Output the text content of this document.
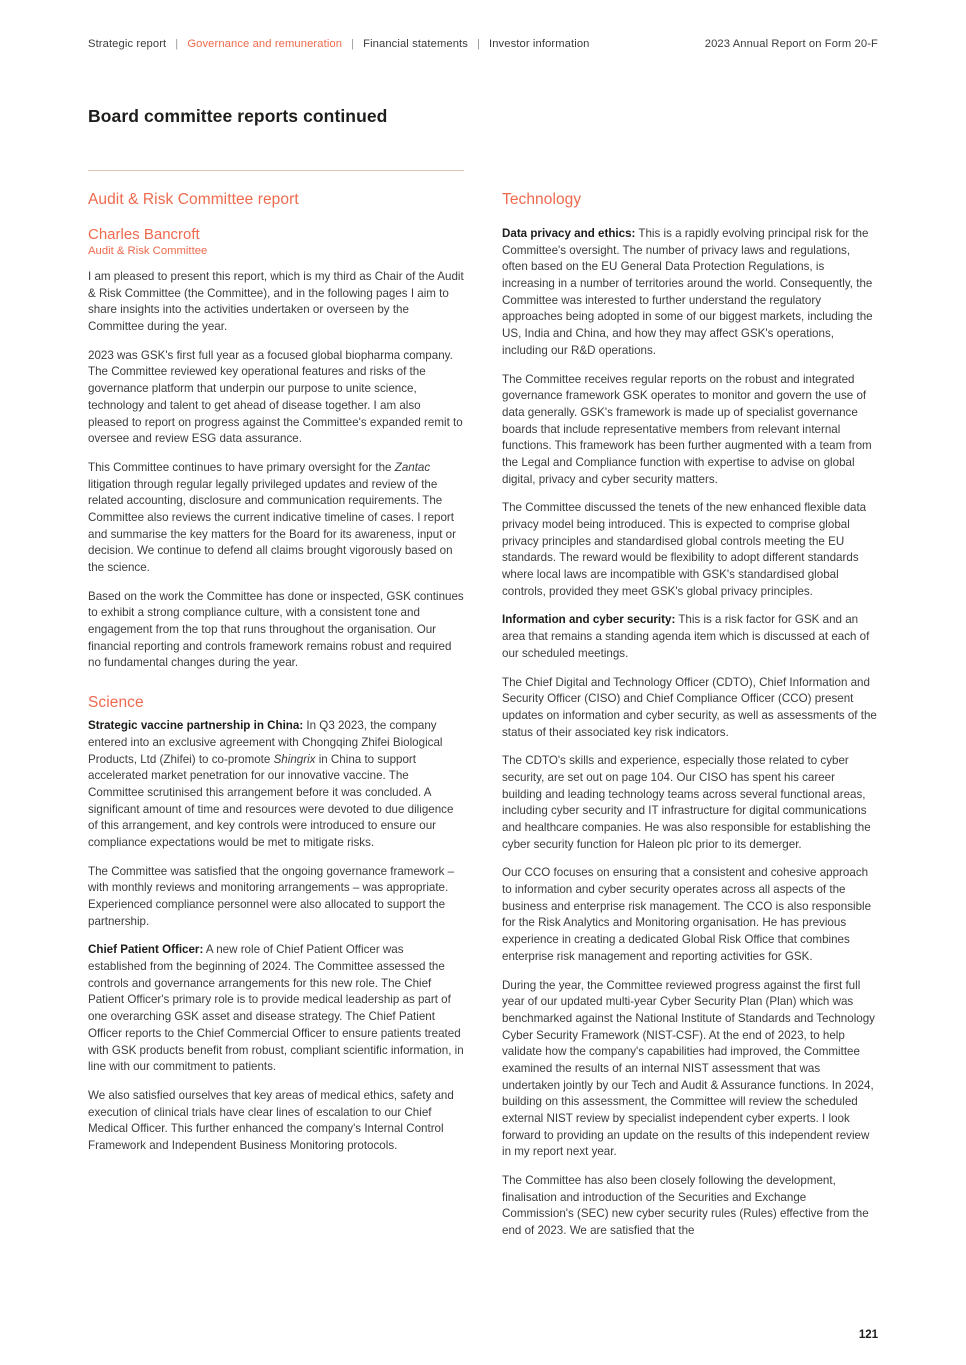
Strategic report | Governance and remuneration | Financial statements | Investor information	2023 Annual Report on Form 20-F
Board committee reports continued
Audit & Risk Committee report
Charles Bancroft
Audit & Risk Committee

I am pleased to present this report, which is my third as Chair of the Audit & Risk Committee (the Committee), and in the following pages I aim to share insights into the activities undertaken or overseen by the Committee during the year.

2023 was GSK's first full year as a focused global biopharma company. The Committee reviewed key operational features and risks of the governance platform that underpin our purpose to unite science, technology and talent to get ahead of disease together. I am also pleased to report on progress against the Committee's expanded remit to oversee and review ESG data assurance.

This Committee continues to have primary oversight for the Zantac litigation through regular legally privileged updates and review of the related accounting, disclosure and communication requirements. The Committee also reviews the current indicative timeline of cases. I report and summarise the key matters for the Board for its awareness, input or decision. We continue to defend all claims brought vigorously based on the science.

Based on the work the Committee has done or inspected, GSK continues to exhibit a strong compliance culture, with a consistent tone and engagement from the top that runs throughout the organisation. Our financial reporting and controls framework remains robust and required no fundamental changes during the year.

Science

Strategic vaccine partnership in China: In Q3 2023, the company entered into an exclusive agreement with Chongqing Zhifei Biological Products, Ltd (Zhifei) to co-promote Shingrix in China to support accelerated market penetration for our innovative vaccine. The Committee scrutinised this arrangement before it was concluded. A significant amount of time and resources were devoted to due diligence of this arrangement, and key controls were introduced to ensure our compliance expectations would be met to mitigate risks.

The Committee was satisfied that the ongoing governance framework – with monthly reviews and monitoring arrangements – was appropriate. Experienced compliance personnel were also allocated to support the partnership.

Chief Patient Officer: A new role of Chief Patient Officer was established from the beginning of 2024. The Committee assessed the controls and governance arrangements for this new role. The Chief Patient Officer's primary role is to provide medical leadership as part of one overarching GSK asset and disease strategy. The Chief Patient Officer reports to the Chief Commercial Officer to ensure patients treated with GSK products benefit from robust, compliant scientific information, in line with our commitment to patients.

We also satisfied ourselves that key areas of medical ethics, safety and execution of clinical trials have clear lines of escalation to our Chief Medical Officer. This further enhanced the company's Internal Control Framework and Independent Business Monitoring protocols.

Technology

Data privacy and ethics: This is a rapidly evolving principal risk for the Committee's oversight. The number of privacy laws and regulations, often based on the EU General Data Protection Regulations, is increasing in a number of territories around the world. Consequently, the Committee was interested to further understand the regulatory approaches being adopted in some of our biggest markets, including the US, India and China, and how they may affect GSK's operations, including our R&D operations.

The Committee receives regular reports on the robust and integrated governance framework GSK operates to monitor and govern the use of data generally. GSK's framework is made up of specialist governance boards that include representative members from relevant internal functions. This framework has been further augmented with a team from the Legal and Compliance function with expertise to advise on global digital, privacy and cyber security matters.

The Committee discussed the tenets of the new enhanced flexible data privacy model being introduced. This is expected to comprise global privacy principles and standardised global controls meeting the EU standards. The reward would be flexibility to adopt different standards where local laws are incompatible with GSK's standardised global controls, provided they meet GSK's global privacy principles.

Information and cyber security: This is a risk factor for GSK and an area that remains a standing agenda item which is discussed at each of our scheduled meetings.

The Chief Digital and Technology Officer (CDTO), Chief Information and Security Officer (CISO) and Chief Compliance Officer (CCO) present updates on information and cyber security, as well as assessments of the status of their associated key risk indicators.

The CDTO's skills and experience, especially those related to cyber security, are set out on page 104. Our CISO has spent his career building and leading technology teams across several functional areas, including cyber security and IT infrastructure for digital communications and healthcare companies. He was also responsible for establishing the cyber security function for Haleon plc prior to its demerger.

Our CCO focuses on ensuring that a consistent and cohesive approach to information and cyber security operates across all aspects of the business and enterprise risk management. The CCO is also responsible for the Risk Analytics and Monitoring organisation. He has previous experience in creating a dedicated Global Risk Office that combines enterprise risk management and reporting activities for GSK.

During the year, the Committee reviewed progress against the first full year of our updated multi-year Cyber Security Plan (Plan) which was benchmarked against the National Institute of Standards and Technology Cyber Security Framework (NIST-CSF). At the end of 2023, to help validate how the company's capabilities had improved, the Committee examined the results of an internal NIST assessment that was undertaken jointly by our Tech and Audit & Assurance functions. In 2024, building on this assessment, the Committee will review the scheduled external NIST review by specialist independent cyber experts. I look forward to providing an update on the results of this independent review in my report next year.

The Committee has also been closely following the development, finalisation and introduction of the Securities and Exchange Commission's (SEC) new cyber security rules (Rules) effective from the end of 2023. We are satisfied that the

121
